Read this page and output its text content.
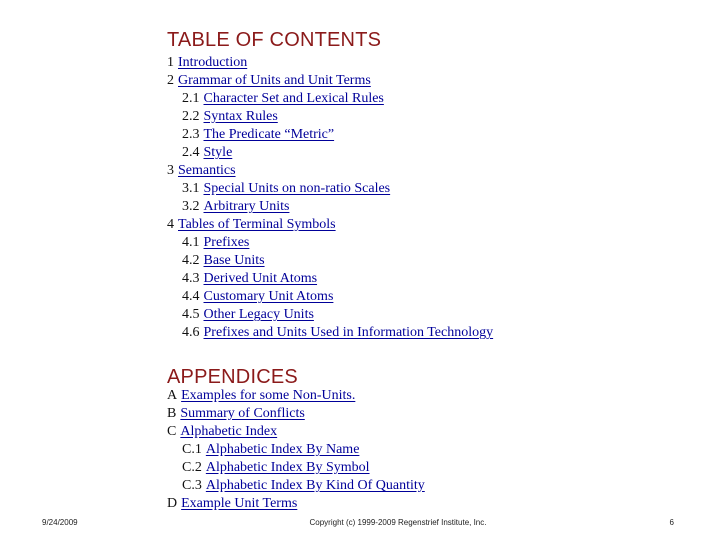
TABLE OF CONTENTS
1 Introduction
2 Grammar of Units and Unit Terms
2.1 Character Set and Lexical Rules
2.2 Syntax Rules
2.3 The Predicate “Metric”
2.4 Style
3 Semantics
3.1 Special Units on non-ratio Scales
3.2 Arbitrary Units
4 Tables of Terminal Symbols
4.1 Prefixes
4.2 Base Units
4.3 Derived Unit Atoms
4.4 Customary Unit Atoms
4.5 Other Legacy Units
4.6 Prefixes and Units Used in Information Technology
APPENDICES
A Examples for some Non-Units.
B Summary of Conflicts
C Alphabetic Index
C.1 Alphabetic Index By Name
C.2 Alphabetic Index By Symbol
C.3 Alphabetic Index By Kind Of Quantity
D Example Unit Terms
9/24/2009	Copyright (c) 1999-2009 Regenstrief Institute, Inc.	6
